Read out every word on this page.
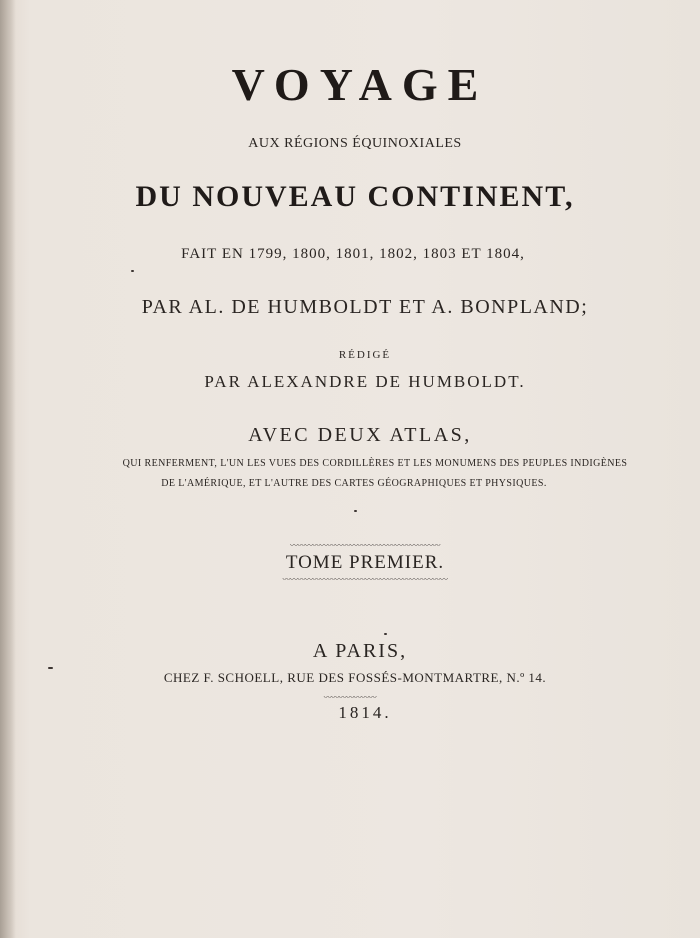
VOYAGE
AUX RÉGIONS ÉQUINOXIALES
DU NOUVEAU CONTINENT,
FAIT EN 1799, 1800, 1801, 1802, 1803 ET 1804,
PAR AL. DE HUMBOLDT ET A. BONPLAND;
RÉDIGÉ
PAR ALEXANDRE DE HUMBOLDT.
AVEC DEUX ATLAS,
QUI RENFERMENT, L'UN LES VUES DES CORDILLÈRES ET LES MONUMENS DES PEUPLES INDIGÈNES
DE L'AMÉRIQUE, ET L'AUTRE DES CARTES GÉOGRAPHIQUES ET PHYSIQUES.
〰〰〰〰〰〰〰〰〰〰〰〰〰〰〰〰〰〰〰〰
TOME PREMIER.
〰〰〰〰〰〰〰〰〰〰〰〰〰〰〰〰〰〰〰〰〰〰
A PARIS,
CHEZ F. SCHOELL, RUE DES FOSSÉS-MONTMARTRE, N.º 14.
〰〰〰〰〰〰〰
1814.
